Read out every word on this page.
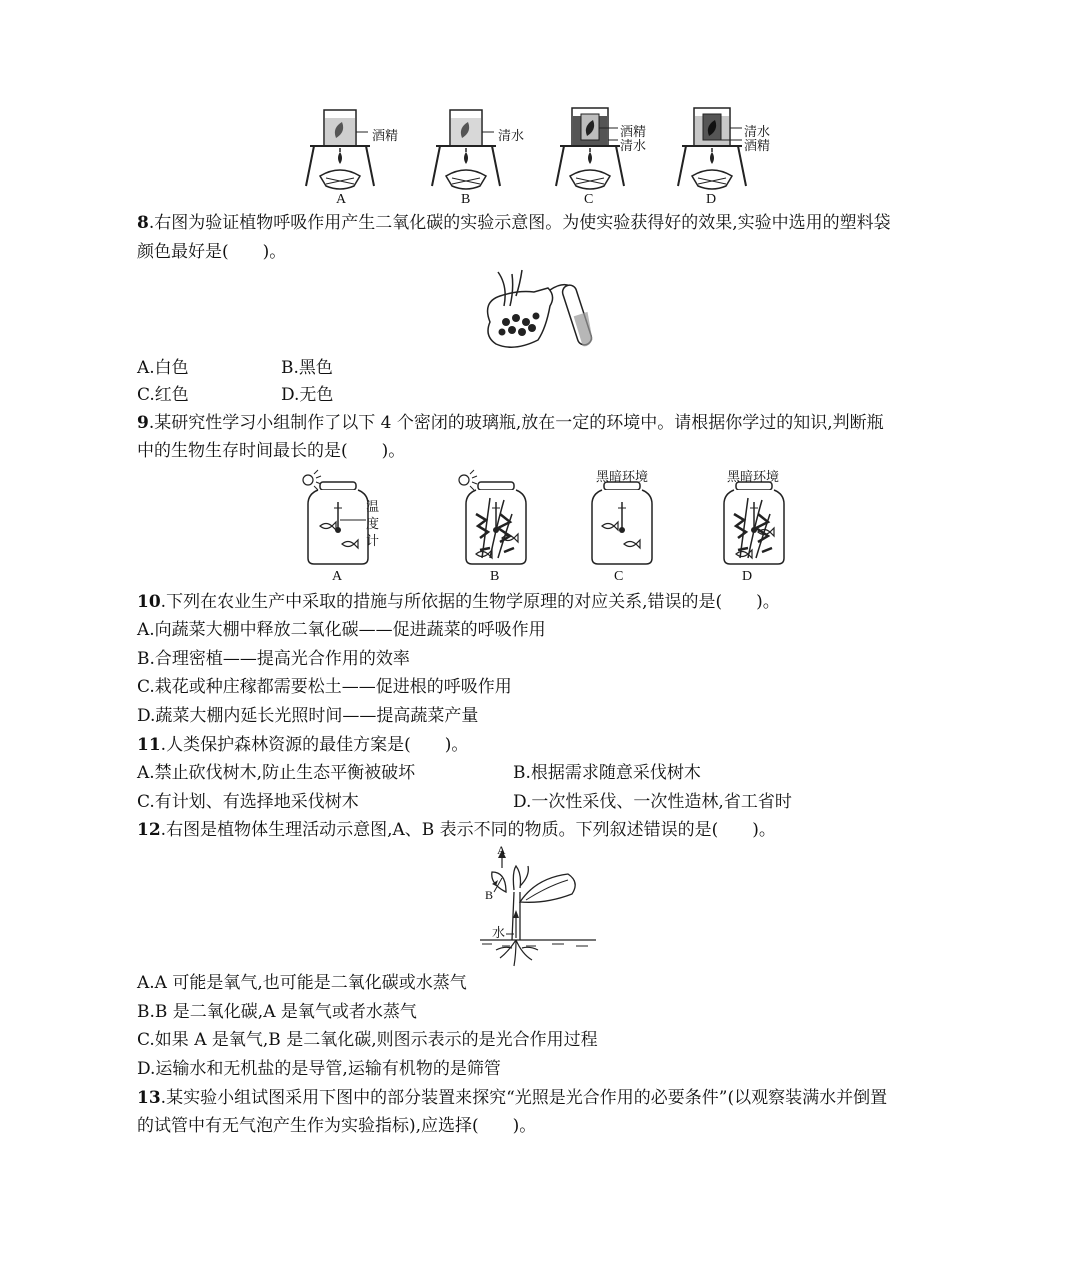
酒精	清水	酒精
清水
清水
酒精
A	B	C	D
8.右图为验证植物呼吸作用产生二氧化碳的实验示意图。为使实验获得好的效果,实验中选用的塑料袋
颜色最好是(　　)。
A.白色	B.黑色
C.红色	D.无色
9.某研究性学习小组制作了以下 4 个密闭的玻璃瓶,放在一定的环境中。请根据你学过的知识,判断瓶
中的生物生存时间最长的是(　　)。
温度计
黑暗环境	黑暗环境
A	B	C	D
10.下列在农业生产中采取的措施与所依据的生物学原理的对应关系,错误的是(　　)。
A.向蔬菜大棚中释放二氧化碳——促进蔬菜的呼吸作用
B.合理密植——提高光合作用的效率
C.栽花或种庄稼都需要松土——促进根的呼吸作用
D.蔬菜大棚内延长光照时间——提高蔬菜产量
11.人类保护森林资源的最佳方案是(　　)。
A.禁止砍伐树木,防止生态平衡被破坏	B.根据需求随意采伐树木
C.有计划、有选择地采伐树木	D.一次性采伐、一次性造林,省工省时
12.右图是植物体生理活动示意图,A、B 表示不同的物质。下列叙述错误的是(　　)。
A
B
水
A.A 可能是氧气,也可能是二氧化碳或水蒸气
B.B 是二氧化碳,A 是氧气或者水蒸气
C.如果 A 是氧气,B 是二氧化碳,则图示表示的是光合作用过程
D.运输水和无机盐的是导管,运输有机物的是筛管
13.某实验小组试图采用下图中的部分装置来探究“光照是光合作用的必要条件”(以观察装满水并倒置
的试管中有无气泡产生作为实验指标),应选择(　　)。
